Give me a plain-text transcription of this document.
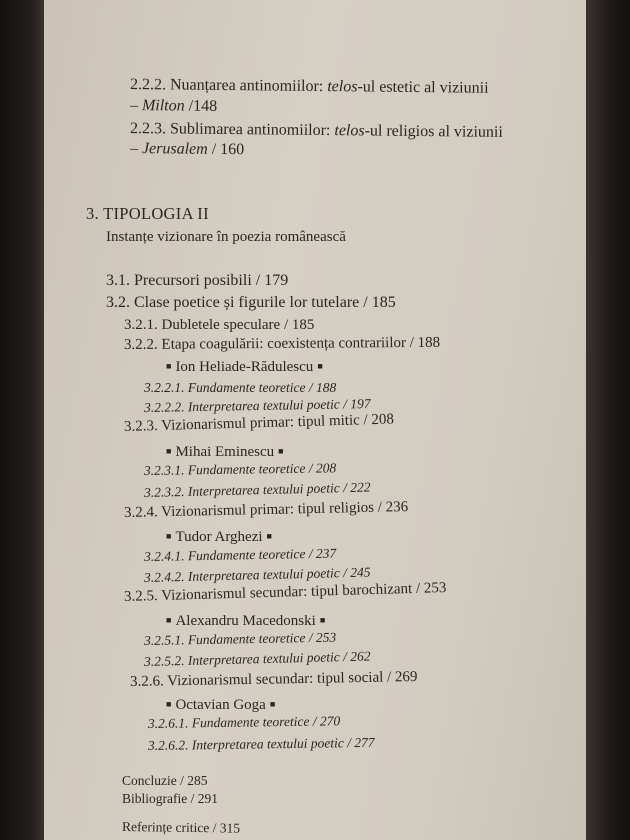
2.2.2. Nuanțarea antinomiilor: telos-ul estetic al viziunii

– Milton /148

2.2.3. Sublimarea antinomiilor: telos-ul religios al viziunii

– Jerusalem / 160

3. TIPOLOGIA II

Instanțe vizionare în poezia românească

3.1. Precursori posibili / 179

3.2. Clase poetice și figurile lor tutelare / 185

3.2.1. Dubletele speculare / 185

3.2.2. Etapa coagulării: coexistența contrariilor / 188

■ Ion Heliade-Rădulescu ■

3.2.2.1. Fundamente teoretice / 188

3.2.2.2. Interpretarea textului poetic / 197

3.2.3. Vizionarismul primar: tipul mitic / 208

■ Mihai Eminescu ■

3.2.3.1. Fundamente teoretice / 208

3.2.3.2. Interpretarea textului poetic / 222

3.2.4. Vizionarismul primar: tipul religios / 236

■ Tudor Arghezi ■

3.2.4.1. Fundamente teoretice / 237

3.2.4.2. Interpretarea textului poetic / 245

3.2.5. Vizionarismul secundar: tipul barochizant / 253

■ Alexandru Macedonski ■

3.2.5.1. Fundamente teoretice / 253

3.2.5.2. Interpretarea textului poetic / 262

3.2.6. Vizionarismul secundar: tipul social / 269

■ Octavian Goga ■

3.2.6.1. Fundamente teoretice / 270

3.2.6.2. Interpretarea textului poetic / 277

Concluzie / 285

Bibliografie / 291

Referințe critice / 315
